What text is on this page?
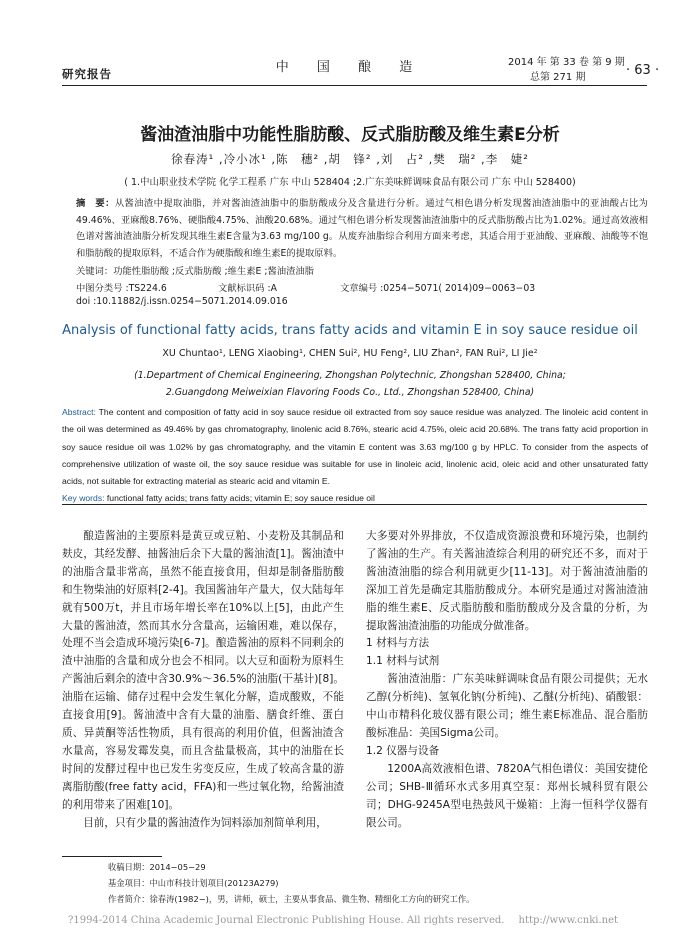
研究报告	中 国 酿 造	2014 年 第 33 卷 第 9 期
总第 271 期	· 63 ·
酱油渣油脂中功能性脂肪酸、反式脂肪酸及维生素E分析
徐春涛¹ ,冷小冰¹ ,陈　穗² ,胡　锋² ,刘　占² ,樊　瑞² ,李　婕²
( 1.中山职业技术学院 化学工程系 广东 中山 528404 ;2.广东美味鲜调味食品有限公司 广东 中山 528400)
摘　要：从酱油渣中提取油脂，并对酱油渣油脂中的脂肪酸成分及含量进行分析。通过气相色谱分析发现酱油渣油脂中的亚油酸占比为49.46%、亚麻酸8.76%、硬脂酸4.75%、油酸20.68%。通过气相色谱分析发现酱油渣油脂中的反式脂肪酸占比为1.02%。通过高效液相色谱对酱油渣油脂分析发现其维生素E含量为3.63 mg/100 g。从废弃油脂综合利用方面来考虑，其适合用于亚油酸、亚麻酸、油酸等不饱和脂肪酸的提取原料，不适合作为硬脂酸和维生素E的提取原料。
关键词：功能性脂肪酸 ;反式脂肪酸 ;维生素E ;酱油渣油脂
中图分类号 :TS224.6	文献标识码 :A	文章编号 :0254−5071( 2014)09−0063−03
doi :10.11882/j.issn.0254−5071.2014.09.016
Analysis of functional fatty acids, trans fatty acids and vitamin E in soy sauce residue oil
XU Chuntao¹, LENG Xiaobing¹, CHEN Sui², HU Feng², LIU Zhan², FAN Rui², LI Jie²
(1.Department of Chemical Engineering, Zhongshan Polytechnic, Zhongshan 528400, China;
2.Guangdong Meiweixian Flavoring Foods Co., Ltd., Zhongshan 528400, China)
Abstract: The content and composition of fatty acid in soy sauce residue oil extracted from soy sauce residue was analyzed. The linoleic acid content in the oil was determined as 49.46% by gas chromatography, linolenic acid 8.76%, stearic acid 4.75%, oleic acid 20.68%. The trans fatty acid proportion in soy sauce residue oil was 1.02% by gas chromatography, and the vitamin E content was 3.63 mg/100 g by HPLC. To consider from the aspects of comprehensive utilization of waste oil, the soy sauce residue was suitable for use in linoleic acid, linolenic acid, oleic acid and other unsaturated fatty acids, not suitable for extracting material as stearic acid and vitamin E.
Key words: functional fatty acids; trans fatty acids; vitamin E; soy sauce residue oil

酿造酱油的主要原料是黄豆或豆粕、小麦粉及其制品和麸皮，其经发酵、抽酱油后余下大量的酱油渣[1]。酱油渣中的油脂含量非常高，虽然不能直接食用，但却是制备脂肪酸和生物柴油的好原料[2-4]。我国酱油年产量大，仅大陆每年就有500万t，并且市场年增长率在10%以上[5]，由此产生大量的酱油渣，然而其水分含量高，运输困难，难以保存，处理不当会造成环境污染[6-7]。酿造酱油的原料不同剩余的渣中油脂的含量和成分也会不相同。以大豆和面粉为原料生产酱油后剩余的渣中含30.9%～36.5%的油脂(干基计)[8]。油脂在运输、储存过程中会发生氧化分解，造成酸败，不能直接食用[9]。酱油渣中含有大量的油脂、膳食纤维、蛋白质、异黄酮等活性物质，具有很高的利用价值，但酱油渣含水量高，容易发霉发臭，而且含盐量极高，其中的油脂在长时间的发酵过程中也已发生劣变反应，生成了较高含量的游离脂肪酸(free fatty acid，FFA)和一些过氧化物，给酱油渣的利用带来了困难[10]。

目前，只有少量的酱油渣作为饲料添加剂简单利用，

大多要对外界排放，不仅造成资源浪费和环境污染，也制约了酱油的生产。有关酱油渣综合利用的研究还不多，而对于酱油渣油脂的综合利用就更少[11-13]。对于酱油渣油脂的深加工首先是确定其脂肪酸成分。本研究是通过对酱油渣油脂的维生素E、反式脂肪酸和脂肪酸成分及含量的分析，为提取酱油渣油脂的功能成分做准备。

1 材料与方法

1.1 材料与试剂

酱油渣油脂：广东美味鲜调味食品有限公司提供；无水乙醇(分析纯)、氢氧化钠(分析纯)、乙醚(分析纯)、硝酸银：中山市精科化玻仪器有限公司；维生素E标准品、混合脂肪酸标准品：美国Sigma公司。

1.2 仪器与设备

1200A高效液相色谱、7820A气相色谱仪：美国安捷伦公司；SHB-Ⅲ循环水式多用真空泵：郑州长城科贸有限公司；DHG-9245A型电热鼓风干燥箱：上海一恒科学仪器有限公司。

收稿日期：2014−05−29
基金项目：中山市科技计划项目(20123A279)
作者简介：徐春涛(1982−)，男，讲师，硕士，主要从事食品、微生物、精细化工方向的研究工作。
?1994-2014 China Academic Journal Electronic Publishing House. All rights reserved. http://www.cnki.net
